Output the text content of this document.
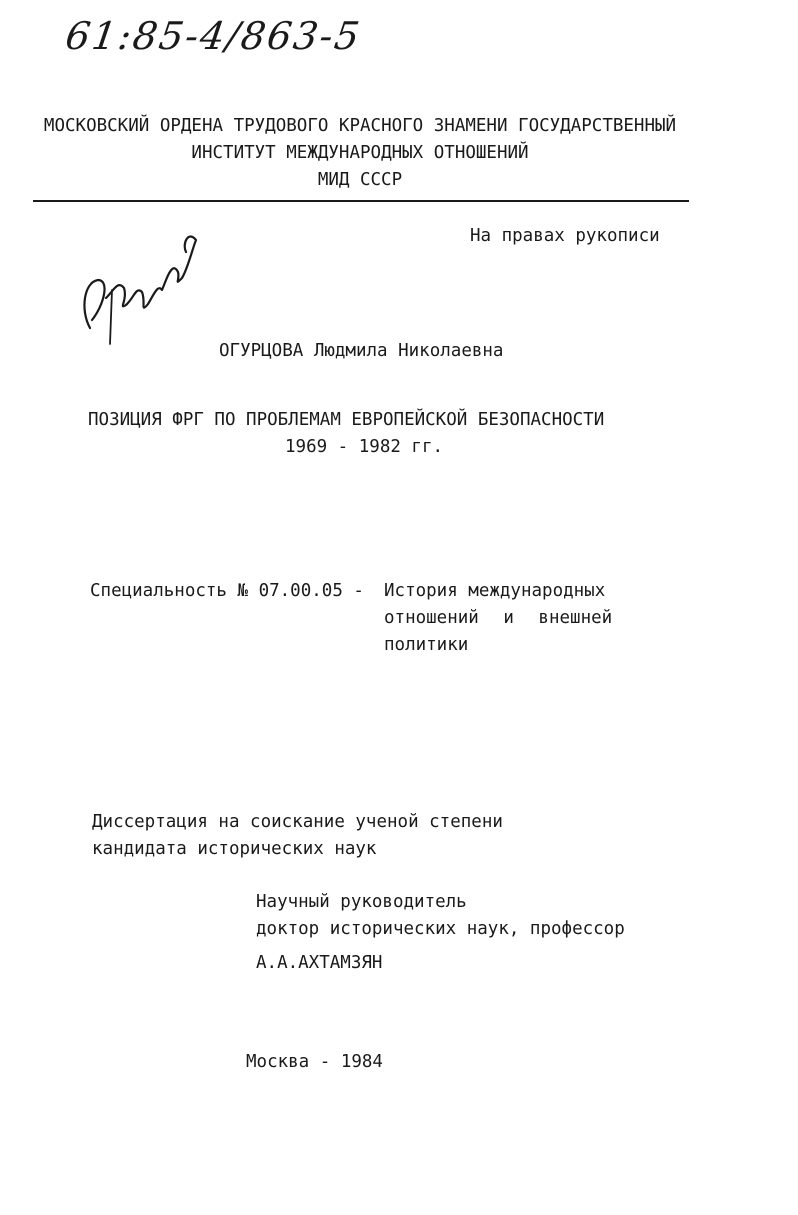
61:85-4/863-5
МОСКОВСКИЙ ОРДЕНА ТРУДОВОГО КРАСНОГО ЗНАМЕНИ ГОСУДАРСТВЕННЫЙ
ИНСТИТУТ МЕЖДУНАРОДНЫХ ОТНОШЕНИЙ
МИД СССР
На правах рукописи
ОГУРЦОВА Людмила Николаевна
ПОЗИЦИЯ ФРГ ПО ПРОБЛЕМАМ ЕВРОПЕЙСКОЙ БЕЗОПАСНОСТИ
1969 - 1982 гг.
Специальность № 07.00.05 - История международных
отношений и внешней
политики
Диссертация на соискание ученой степени
кандидата исторических наук
Научный руководитель
доктор исторических наук, профессор
А.А.АХТАМЗЯН
Москва - 1984
